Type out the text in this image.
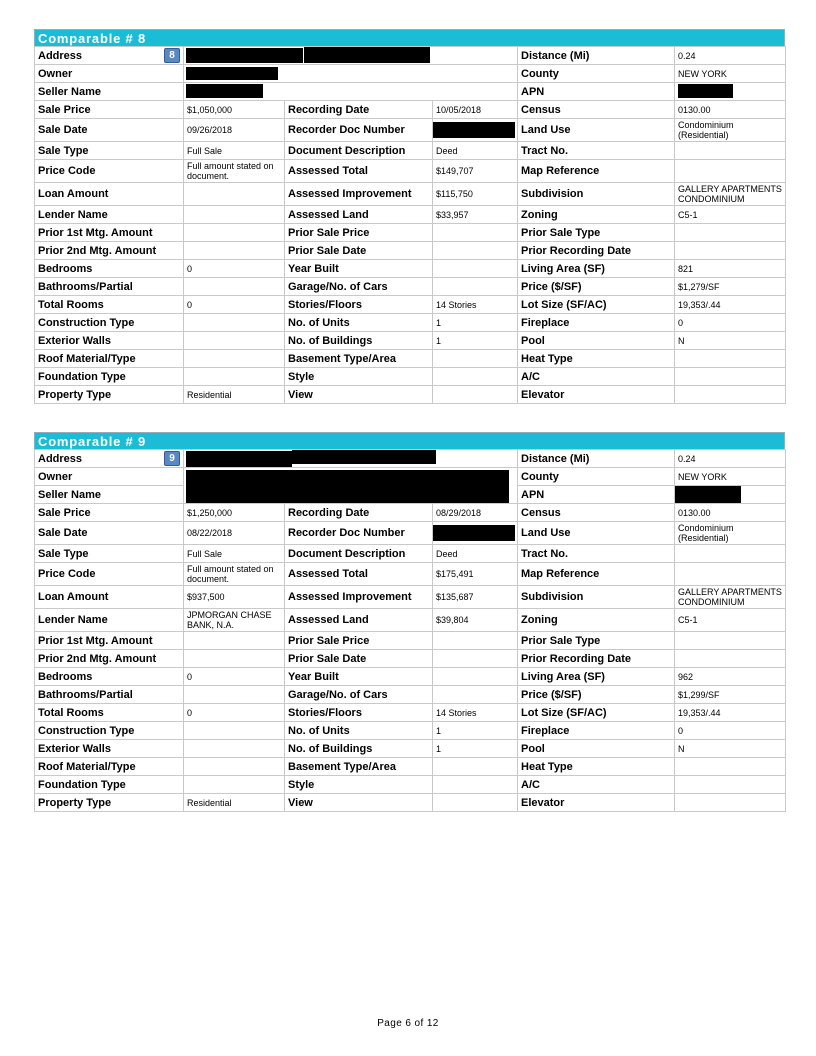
Comparable # 8
Address 8				Distance (Mi)	0.24
Owner				County	NEW YORK
Seller Name				APN	

Sale Price	$1,050,000	Recording Date	10/05/2018	Census	0130.00
Sale Date	09/26/2018	Recorder Doc Number		Land Use	Condominium (Residential)
Sale Type	Full Sale	Document Description	Deed	Tract No.	
Price Code	Full amount stated on document.	Assessed Total	$149,707	Map Reference	
Loan Amount		Assessed Improvement	$115,750	Subdivision	GALLERY APARTMENTS CONDOMINIUM
Lender Name		Assessed Land	$33,957	Zoning	C5-1
Prior 1st Mtg. Amount		Prior Sale Price		Prior Sale Type	
Prior 2nd Mtg. Amount		Prior Sale Date		Prior Recording Date	
Bedrooms	0	Year Built		Living Area (SF)	821
Bathrooms/Partial		Garage/No. of Cars		Price ($/SF)	$1,279/SF
Total Rooms	0	Stories/Floors	14 Stories	Lot Size (SF/AC)	19,353/.44
Construction Type		No. of Units	1	Fireplace	0
Exterior Walls		No. of Buildings	1	Pool	N
Roof Material/Type		Basement Type/Area		Heat Type	
Foundation Type		Style		A/C	
Property Type	Residential	View		Elevator	
Comparable # 9
Address 9				Distance (Mi)	0.24
Owner				County	NEW YORK
Seller Name				APN	

Sale Price	$1,250,000	Recording Date	08/29/2018	Census	0130.00
Sale Date	08/22/2018	Recorder Doc Number		Land Use	Condominium (Residential)
Sale Type	Full Sale	Document Description	Deed	Tract No.	
Price Code	Full amount stated on document.	Assessed Total	$175,491	Map Reference	
Loan Amount	$937,500	Assessed Improvement	$135,687	Subdivision	GALLERY APARTMENTS CONDOMINIUM
Lender Name	JPMORGAN CHASE BANK, N.A.	Assessed Land	$39,804	Zoning	C5-1
Prior 1st Mtg. Amount		Prior Sale Price		Prior Sale Type	
Prior 2nd Mtg. Amount		Prior Sale Date		Prior Recording Date	
Bedrooms	0	Year Built		Living Area (SF)	962
Bathrooms/Partial		Garage/No. of Cars		Price ($/SF)	$1,299/SF
Total Rooms	0	Stories/Floors	14 Stories	Lot Size (SF/AC)	19,353/.44
Construction Type		No. of Units	1	Fireplace	0
Exterior Walls		No. of Buildings	1	Pool	N
Roof Material/Type		Basement Type/Area		Heat Type	
Foundation Type		Style		A/C	
Property Type	Residential	View		Elevator	
Page 6 of 12
